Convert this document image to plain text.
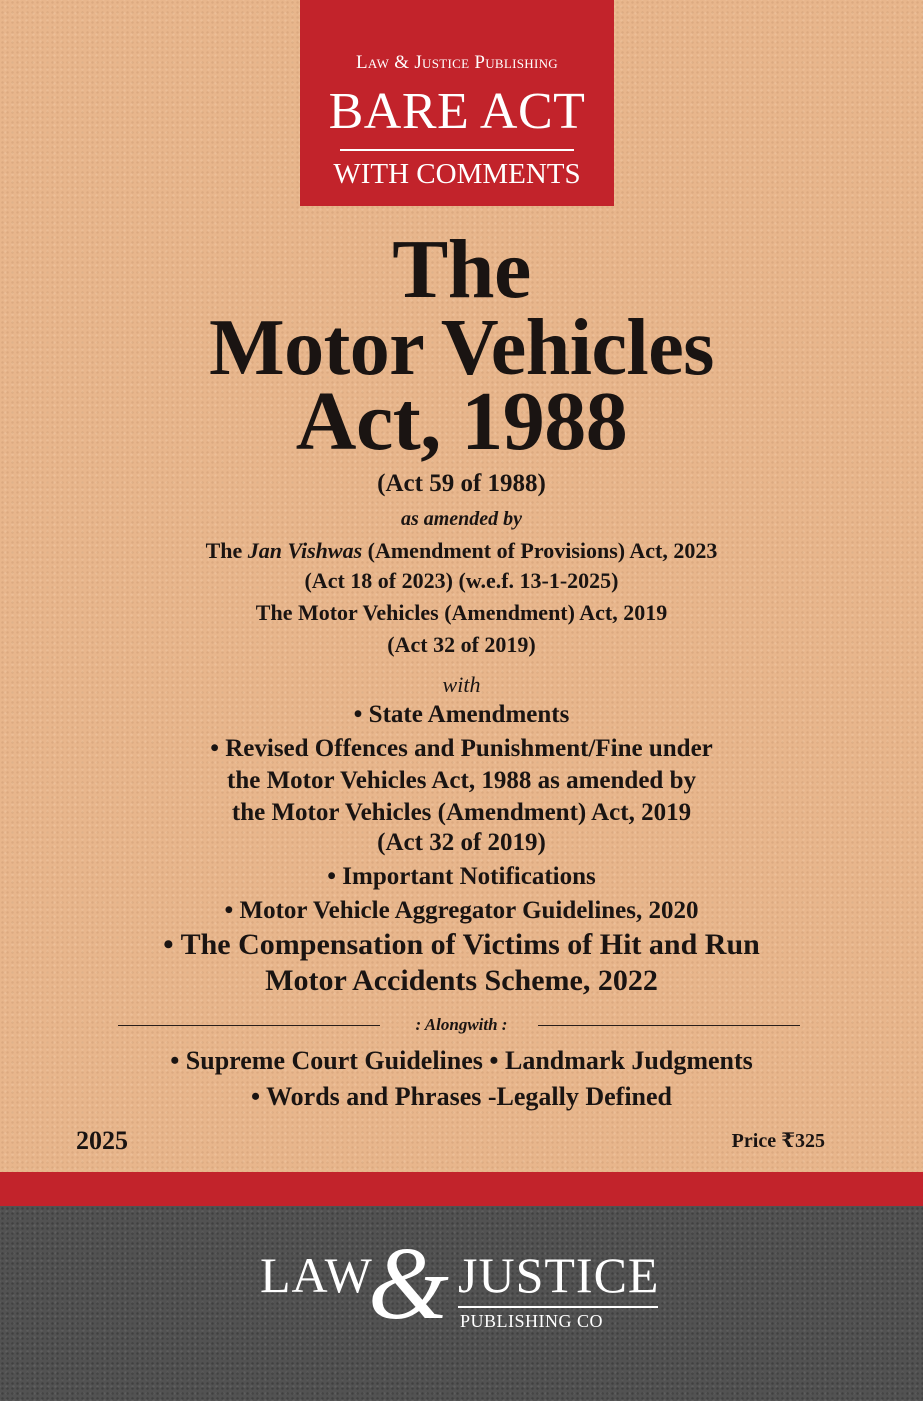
Law & Justice Publishing
BARE ACT
WITH COMMENTS
The
Motor Vehicles
Act, 1988
(Act 59 of 1988)
as amended by
The Jan Vishwas (Amendment of Provisions) Act, 2023
(Act 18 of 2023) (w.e.f. 13-1-2025)
The Motor Vehicles (Amendment) Act, 2019
(Act 32 of 2019)
with
• State Amendments
• Revised Offences and Punishment/Fine under
the Motor Vehicles Act, 1988 as amended by
the Motor Vehicles (Amendment) Act, 2019
(Act 32 of 2019)
• Important Notifications
• Motor Vehicle Aggregator Guidelines, 2020
• The Compensation of Victims of Hit and Run
Motor Accidents Scheme, 2022
: Alongwith :
• Supreme Court Guidelines • Landmark Judgments
• Words and Phrases -Legally Defined
2025	Price ₹325
LAW
& JUSTICE
PUBLISHING CO
